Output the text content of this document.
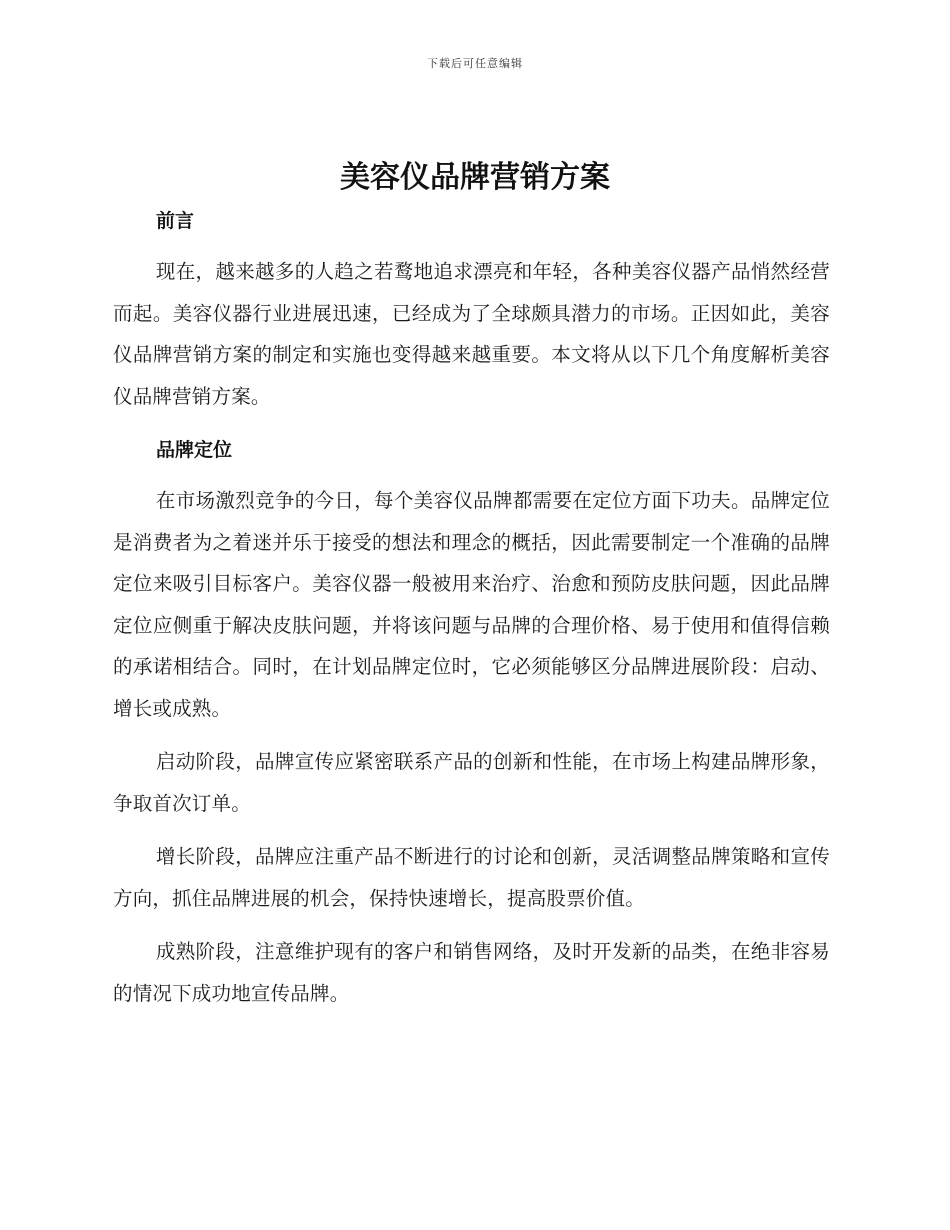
下载后可任意编辑
美容仪品牌营销方案
前言

现在，越来越多的人趋之若鹜地追求漂亮和年轻，各种美容仪器产品悄然经营而起。美容仪器行业进展迅速，已经成为了全球颇具潜力的市场。正因如此，美容仪品牌营销方案的制定和实施也变得越来越重要。本文将从以下几个角度解析美容仪品牌营销方案。

品牌定位

在市场激烈竞争的今日，每个美容仪品牌都需要在定位方面下功夫。品牌定位是消费者为之着迷并乐于接受的想法和理念的概括，因此需要制定一个准确的品牌定位来吸引目标客户。美容仪器一般被用来治疗、治愈和预防皮肤问题，因此品牌定位应侧重于解决皮肤问题，并将该问题与品牌的合理价格、易于使用和值得信赖的承诺相结合。同时，在计划品牌定位时，它必须能够区分品牌进展阶段：启动、增长或成熟。

启动阶段，品牌宣传应紧密联系产品的创新和性能，在市场上构建品牌形象，争取首次订单。

增长阶段，品牌应注重产品不断进行的讨论和创新，灵活调整品牌策略和宣传方向，抓住品牌进展的机会，保持快速增长，提高股票价值。

成熟阶段，注意维护现有的客户和销售网络，及时开发新的品类，在绝非容易的情况下成功地宣传品牌。
